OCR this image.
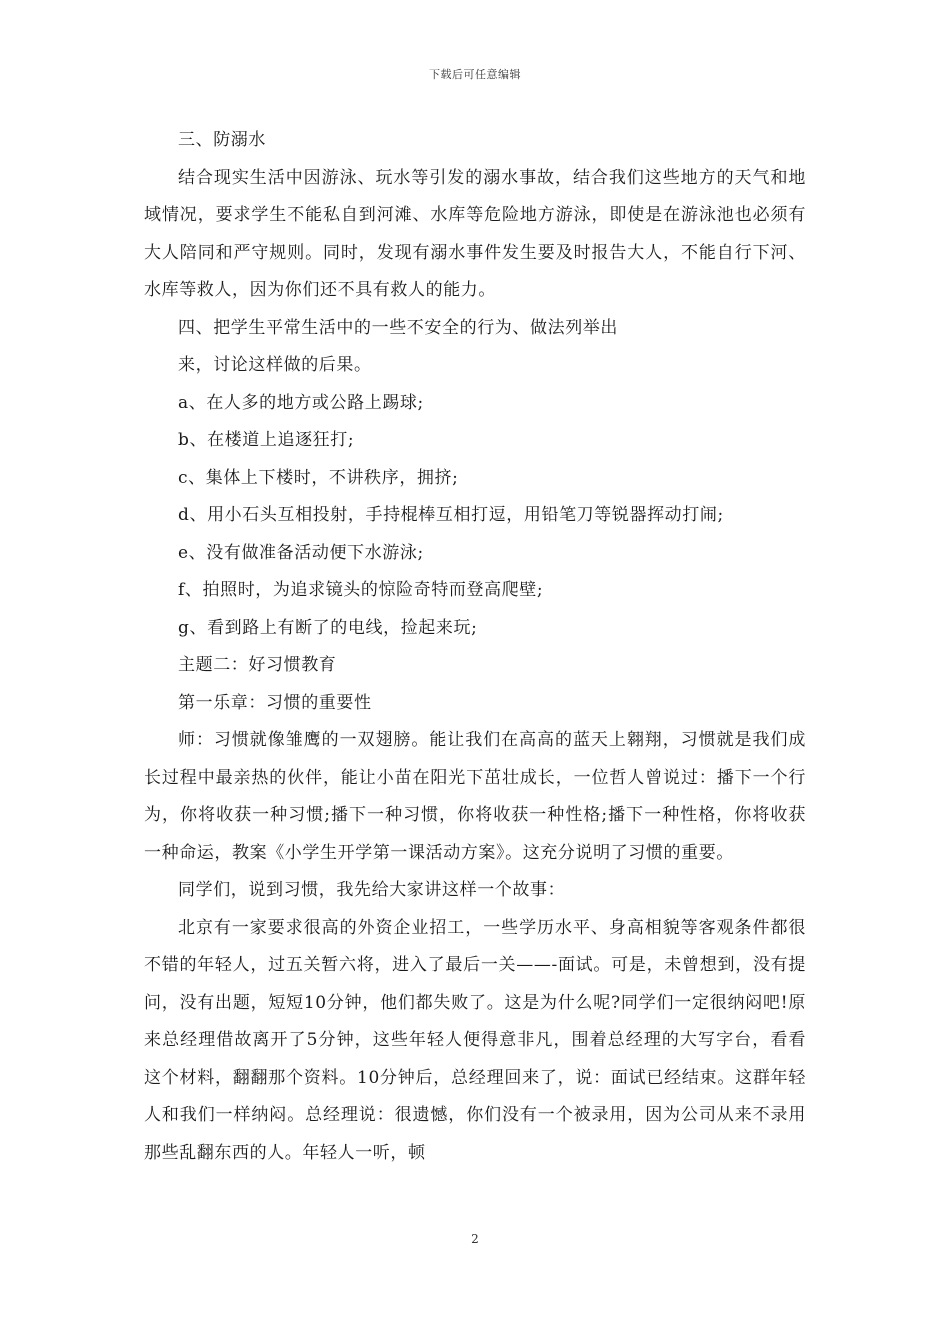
下载后可任意编辑

三、防溺水

结合现实生活中因游泳、玩水等引发的溺水事故，结合我们这些地方的天气和地域情况，要求学生不能私自到河滩、水库等危险地方游泳，即使是在游泳池也必须有大人陪同和严守规则。同时，发现有溺水事件发生要及时报告大人，不能自行下河、水库等救人，因为你们还不具有救人的能力。

四、把学生平常生活中的一些不安全的行为、做法列举出

来，讨论这样做的后果。

a、在人多的地方或公路上踢球;

b、在楼道上追逐狂打;

c、集体上下楼时，不讲秩序，拥挤;

d、用小石头互相投射，手持棍棒互相打逗，用铅笔刀等锐器挥动打闹;

e、没有做准备活动便下水游泳;

f、拍照时，为追求镜头的惊险奇特而登高爬壁;

g、看到路上有断了的电线，捡起来玩;

主题二：好习惯教育

第一乐章：习惯的重要性

师：习惯就像雏鹰的一双翅膀。能让我们在高高的蓝天上翱翔，习惯就是我们成长过程中最亲热的伙伴，能让小苗在阳光下茁壮成长，一位哲人曾说过：播下一个行为，你将收获一种习惯;播下一种习惯，你将收获一种性格;播下一种性格，你将收获一种命运，教案《小学生开学第一课活动方案》。这充分说明了习惯的重要。

同学们，说到习惯，我先给大家讲这样一个故事：

北京有一家要求很高的外资企业招工，一些学历水平、身高相貌等客观条件都很不错的年轻人，过五关暂六将，进入了最后一关——-面试。可是，未曾想到，没有提问，没有出题，短短10分钟，他们都失败了。这是为什么呢?同学们一定很纳闷吧!原来总经理借故离开了5分钟，这些年轻人便得意非凡，围着总经理的大写字台，看看这个材料，翻翻那个资料。10分钟后，总经理回来了，说：面试已经结束。这群年轻人和我们一样纳闷。总经理说：很遗憾，你们没有一个被录用，因为公司从来不录用那些乱翻东西的人。年轻人一听，顿

2
